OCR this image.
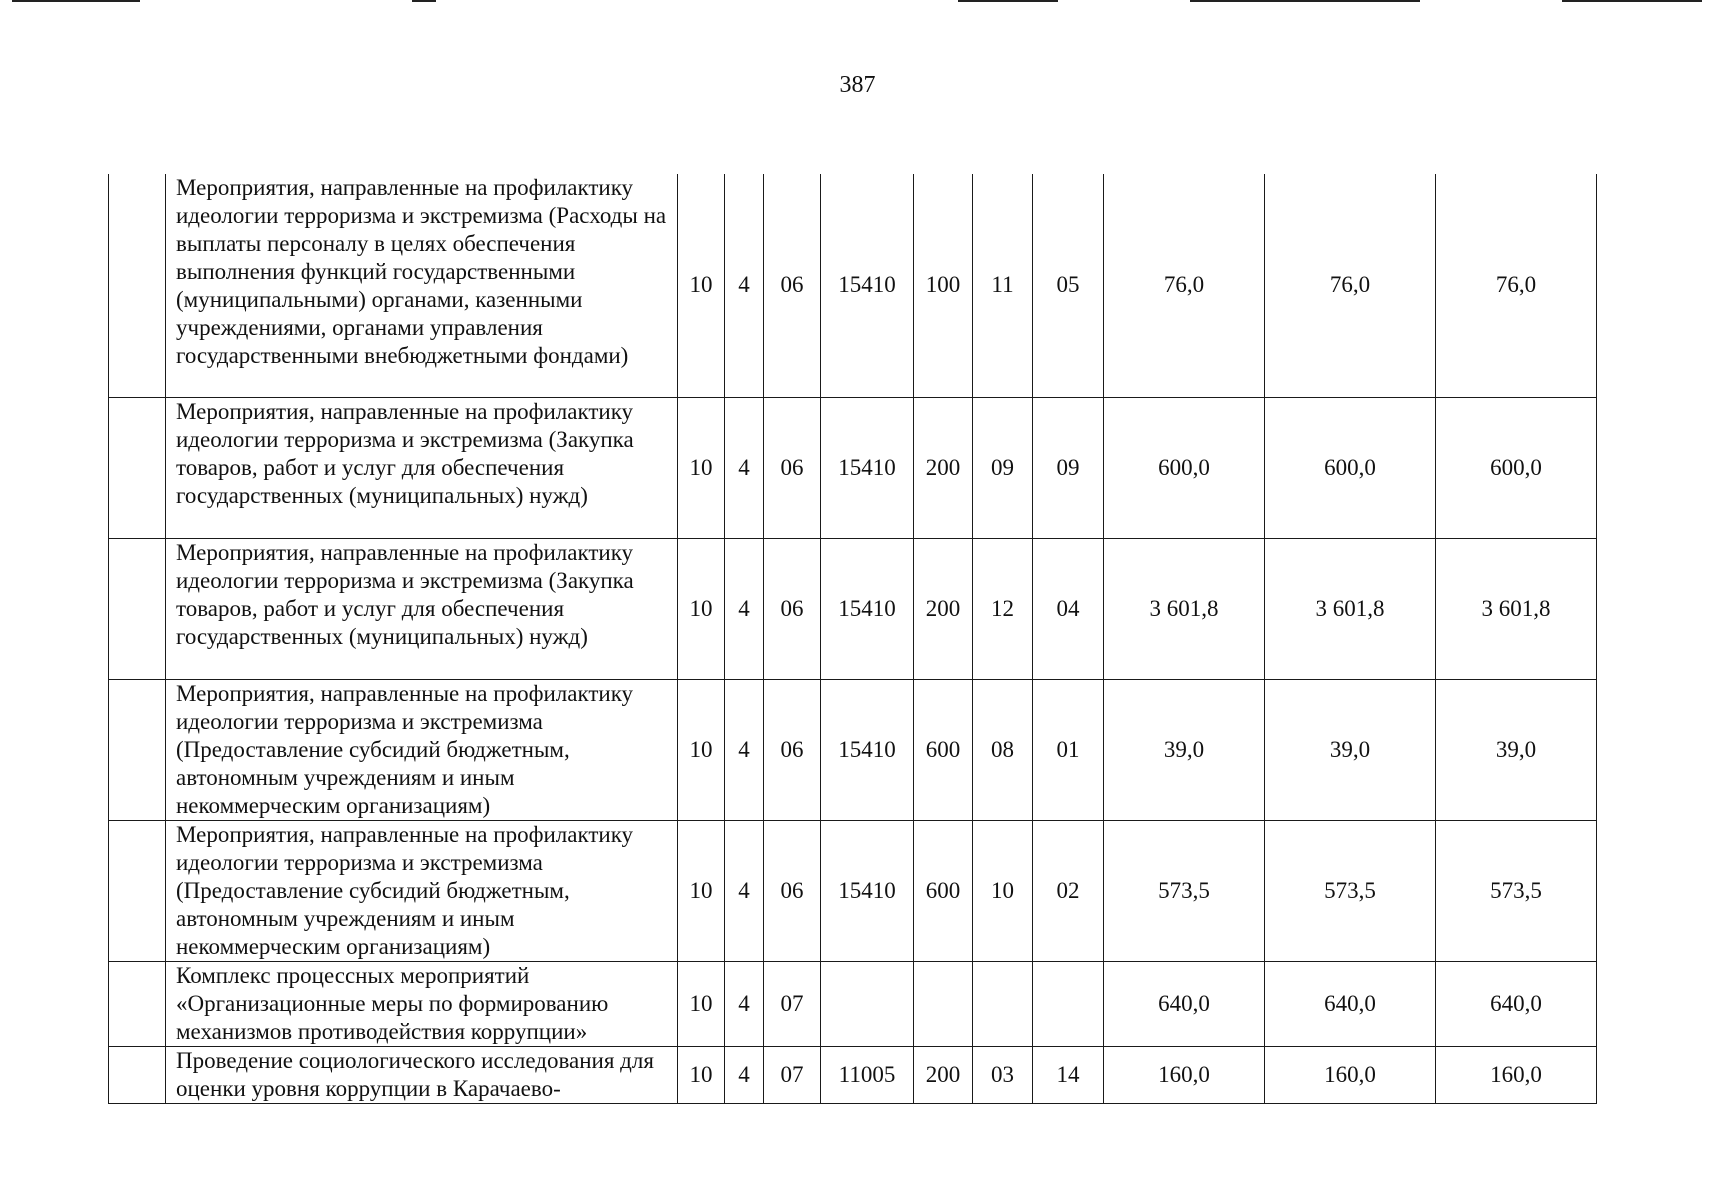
387
	Мероприятия, направленные на профилактику идеологии терроризма и экстремизма (Расходы на выплаты персоналу в целях обеспечения выполнения функций государственными (муниципальными) органами, казенными учреждениями, органами управления государственными внебюджетными фондами)	10	4	06	15410	100	11	05	76,0	76,0	76,0
	Мероприятия, направленные на профилактику идеологии терроризма и экстремизма (Закупка товаров, работ и услуг для обеспечения государственных (муниципальных) нужд)	10	4	06	15410	200	09	09	600,0	600,0	600,0
	Мероприятия, направленные на профилактику идеологии терроризма и экстремизма (Закупка товаров, работ и услуг для обеспечения государственных (муниципальных) нужд)	10	4	06	15410	200	12	04	3 601,8	3 601,8	3 601,8
	Мероприятия, направленные на профилактику идеологии терроризма и экстремизма (Предоставление субсидий бюджетным, автономным учреждениям и иным некоммерческим организациям)	10	4	06	15410	600	08	01	39,0	39,0	39,0
	Мероприятия, направленные на профилактику идеологии терроризма и экстремизма (Предоставление субсидий бюджетным, автономным учреждениям и иным некоммерческим организациям)	10	4	06	15410	600	10	02	573,5	573,5	573,5
	Комплекс процессных мероприятий «Организационные меры по формированию механизмов противодействия коррупции»	10	4	07					640,0	640,0	640,0
	Проведение социологического исследования для оценки уровня коррупции в Карачаево-	10	4	07	11005	200	03	14	160,0	160,0	160,0
